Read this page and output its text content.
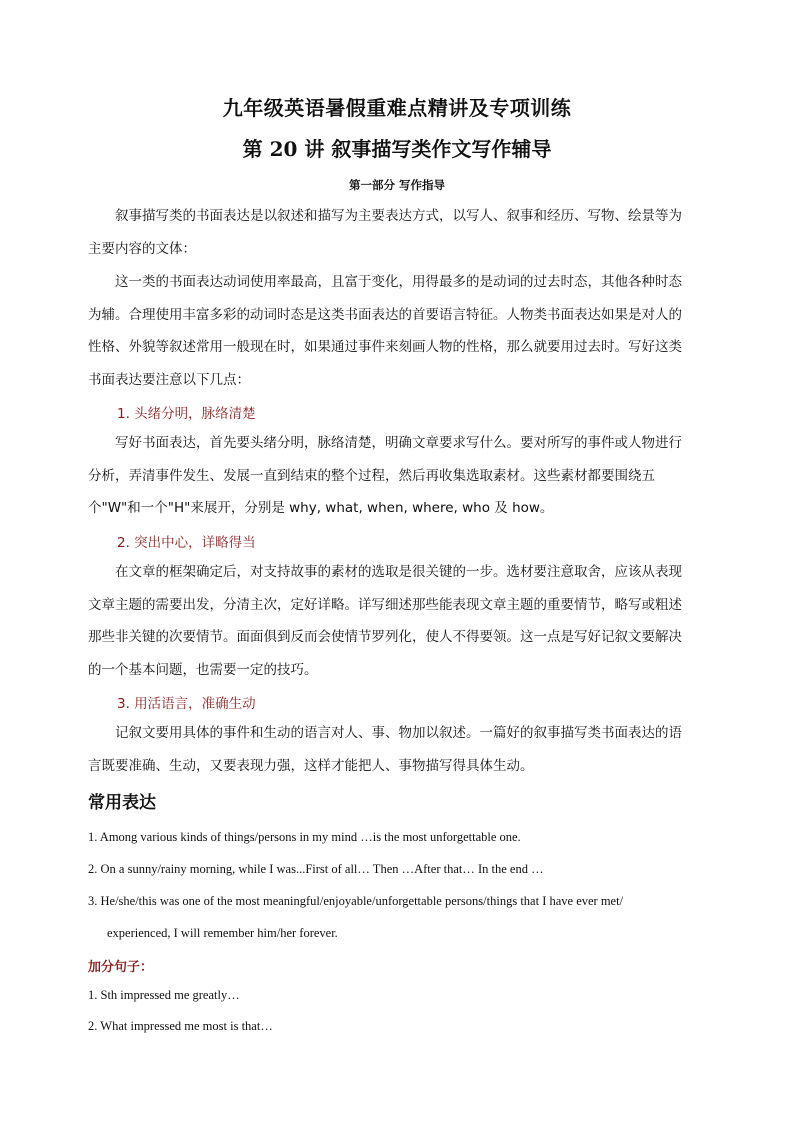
九年级英语暑假重难点精讲及专项训练
第 20 讲 叙事描写类作文写作辅导
第一部分 写作指导
叙事描写类的书面表达是以叙述和描写为主要表达方式，以写人、叙事和经历、写物、绘景等为
主要内容的文体：
这一类的书面表达动词使用率最高，且富于变化，用得最多的是动词的过去时态，其他各种时态
为辅。合理使用丰富多彩的动词时态是这类书面表达的首要语言特征。人物类书面表达如果是对人的
性格、外貌等叙述常用一般现在时，如果通过事件来刻画人物的性格，那么就要用过去时。写好这类
书面表达要注意以下几点：
1. 头绪分明，脉络清楚
写好书面表达，首先要头绪分明，脉络清楚，明确文章要求写什么。要对所写的事件或人物进行
分析，弄清事件发生、发展一直到结束的整个过程，然后再收集选取素材。这些素材都要围绕五
个"W"和一个"H"来展开，分别是 why, what, when, where, who 及 how。
2. 突出中心，详略得当
在文章的框架确定后，对支持故事的素材的选取是很关键的一步。选材要注意取舍，应该从表现
文章主题的需要出发，分清主次，定好详略。详写细述那些能表现文章主题的重要情节，略写或粗述
那些非关键的次要情节。面面俱到反而会使情节罗列化，使人不得要领。这一点是写好记叙文要解决
的一个基本问题，也需要一定的技巧。
3. 用活语言，准确生动
记叙文要用具体的事件和生动的语言对人、事、物加以叙述。一篇好的叙事描写类书面表达的语
言既要准确、生动，又要表现力强，这样才能把人、事物描写得具体生动。
常用表达
1. Among various kinds of things/persons in my mind …is the most unforgettable one.
2. On a sunny/rainy morning, while I was...First of all… Then …After that… In the end …
3. He/she/this was one of the most meaningful/enjoyable/unforgettable persons/things that I have ever met/
experienced, I will remember him/her forever.
加分句子：
1. Sth impressed me greatly…
2. What impressed me most is that…
